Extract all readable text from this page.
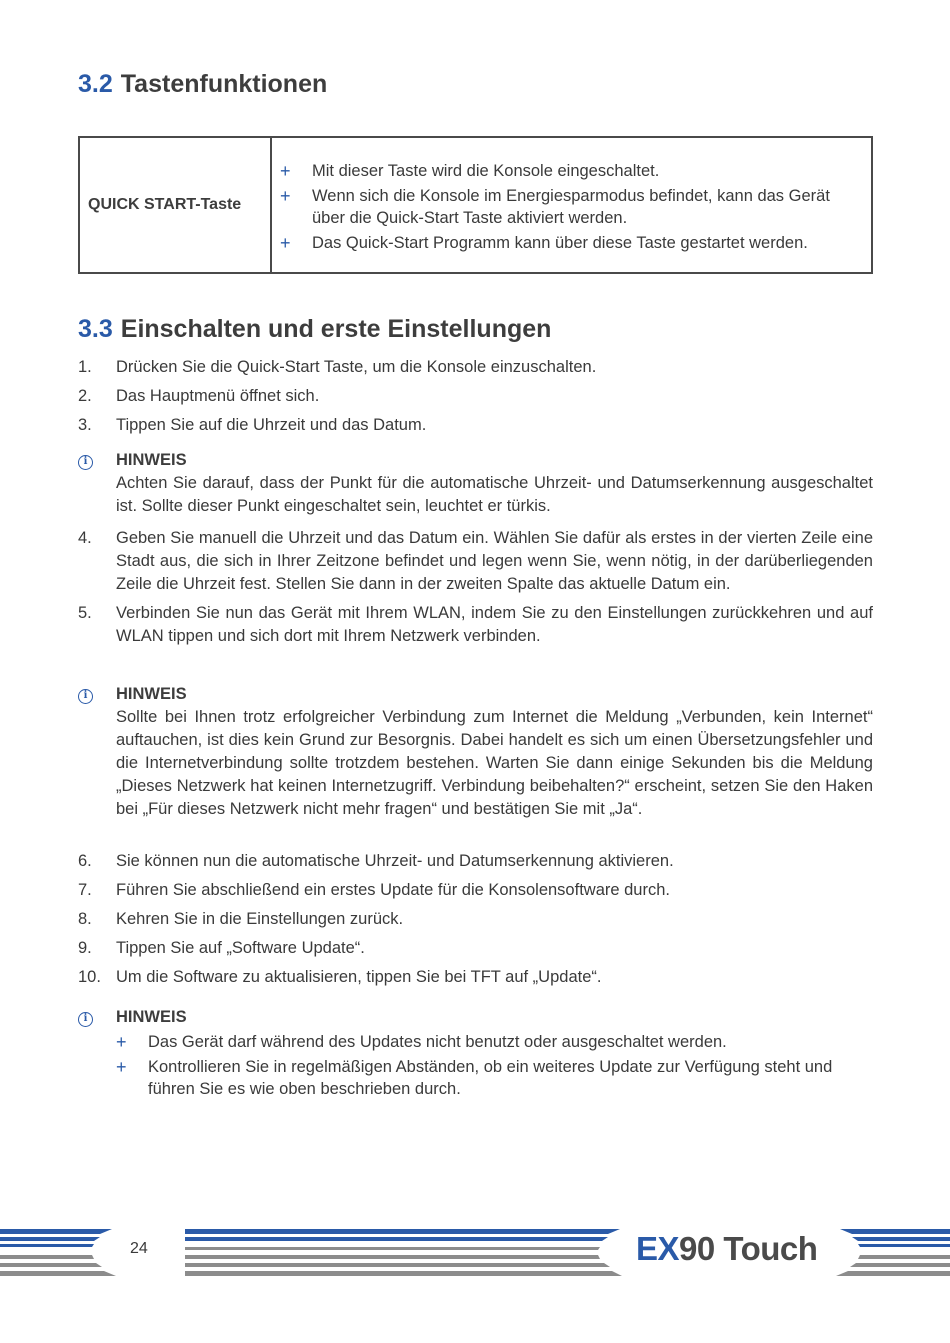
3.2 Tastenfunktionen
QUICK START-Taste
+	Mit dieser Taste wird die Konsole eingeschaltet.
+	Wenn sich die Konsole im Energiesparmodus befindet, kann das Gerät über die Quick-Start Taste aktiviert werden.
+	Das Quick-Start Programm kann über diese Taste gestartet werden.
3.3 Einschalten und erste Einstellungen
1.	Drücken Sie die Quick-Start Taste, um die Konsole einzuschalten.
2.	Das Hauptmenü öffnet sich.
3.	Tippen Sie auf die Uhrzeit und das Datum.
i	HINWEIS
Achten Sie darauf, dass der Punkt für die automatische Uhrzeit- und Datumserkennung ausgeschaltet ist. Sollte dieser Punkt eingeschaltet sein, leuchtet er türkis.
4.	Geben Sie manuell die Uhrzeit und das Datum ein. Wählen Sie dafür als erstes in der vierten Zeile eine Stadt aus, die sich in Ihrer Zeitzone befindet und legen wenn Sie, wenn nötig, in der darüberliegenden Zeile die Uhrzeit fest. Stellen Sie dann in der zweiten Spalte das aktuelle Datum ein.
5.	Verbinden Sie nun das Gerät mit Ihrem WLAN, indem Sie zu den Einstellungen zurückkehren und auf WLAN tippen und sich dort mit Ihrem Netzwerk verbinden.
i	HINWEIS
Sollte bei Ihnen trotz erfolgreicher Verbindung zum Internet die Meldung „Verbunden, kein Internet“ auftauchen, ist dies kein Grund zur Besorgnis. Dabei handelt es sich um einen Übersetzungsfehler und die Internetverbindung sollte trotzdem bestehen. Warten Sie dann einige Sekunden bis die Meldung „Dieses Netzwerk hat keinen Internetzugriff. Verbindung beibehalten?“ erscheint, setzen Sie den Haken bei „Für dieses Netzwerk nicht mehr fragen“ und bestätigen Sie mit „Ja“.
6.	Sie können nun die automatische Uhrzeit- und Datumserkennung aktivieren.
7.	Führen Sie abschließend ein erstes Update für die Konsolensoftware durch.
8.	Kehren Sie in die Einstellungen zurück.
9.	Tippen Sie auf „Software Update“.
10. Um die Software zu aktualisieren, tippen Sie bei TFT auf „Update“.
i	HINWEIS
+	Das Gerät darf während des Updates nicht benutzt oder ausgeschaltet werden.
+	Kontrollieren Sie in regelmäßigen Abständen, ob ein weiteres Update zur Verfügung steht und führen Sie es wie oben beschrieben durch.
24	EX90 Touch
